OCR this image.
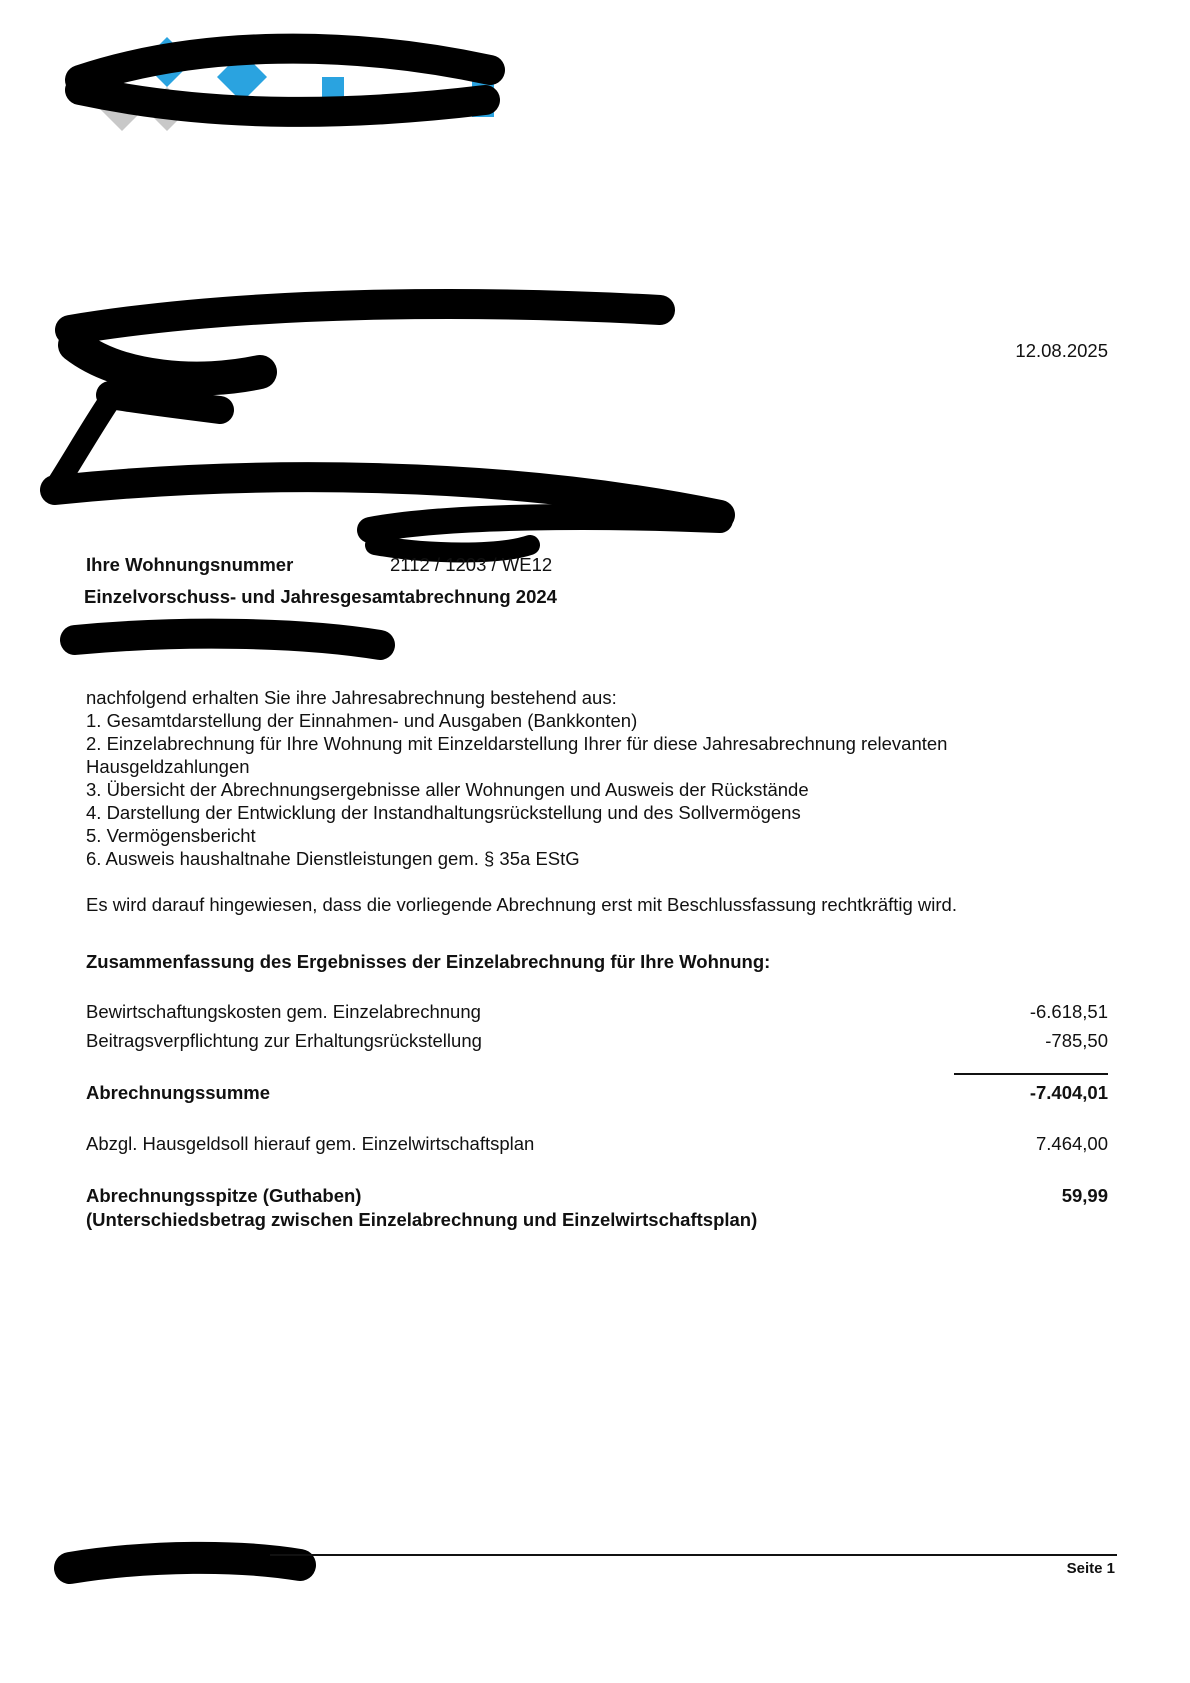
12.08.2025
Ihre Wohnungsnummer	2112 / 1203 / WE12
Einzelvorschuss- und Jahresgesamtabrechnung 2024
nachfolgend erhalten Sie ihre Jahresabrechnung bestehend aus:
1. Gesamtdarstellung der Einnahmen- und Ausgaben (Bankkonten)
2. Einzelabrechnung für Ihre Wohnung mit Einzeldarstellung Ihrer für diese Jahresabrechnung relevanten Hausgeldzahlungen
3. Übersicht der Abrechnungsergebnisse aller Wohnungen und Ausweis der Rückstände
4. Darstellung der Entwicklung der Instandhaltungsrückstellung und des Sollvermögens
5. Vermögensbericht
6. Ausweis haushaltnahe Dienstleistungen gem. § 35a EStG
Es wird darauf hingewiesen, dass die vorliegende Abrechnung erst mit Beschlussfassung rechtkräftig wird.
Zusammenfassung des Ergebnisses der Einzelabrechnung für Ihre Wohnung:
Bewirtschaftungskosten gem. Einzelabrechnung	-6.618,51
Beitragsverpflichtung zur Erhaltungsrückstellung	-785,50
Abrechnungssumme	-7.404,01
Abzgl. Hausgeldsoll hierauf gem. Einzelwirtschaftsplan	7.464,00
Abrechnungsspitze (Guthaben)	59,99
(Unterschiedsbetrag zwischen Einzelabrechnung und Einzelwirtschaftsplan)
Seite 1
